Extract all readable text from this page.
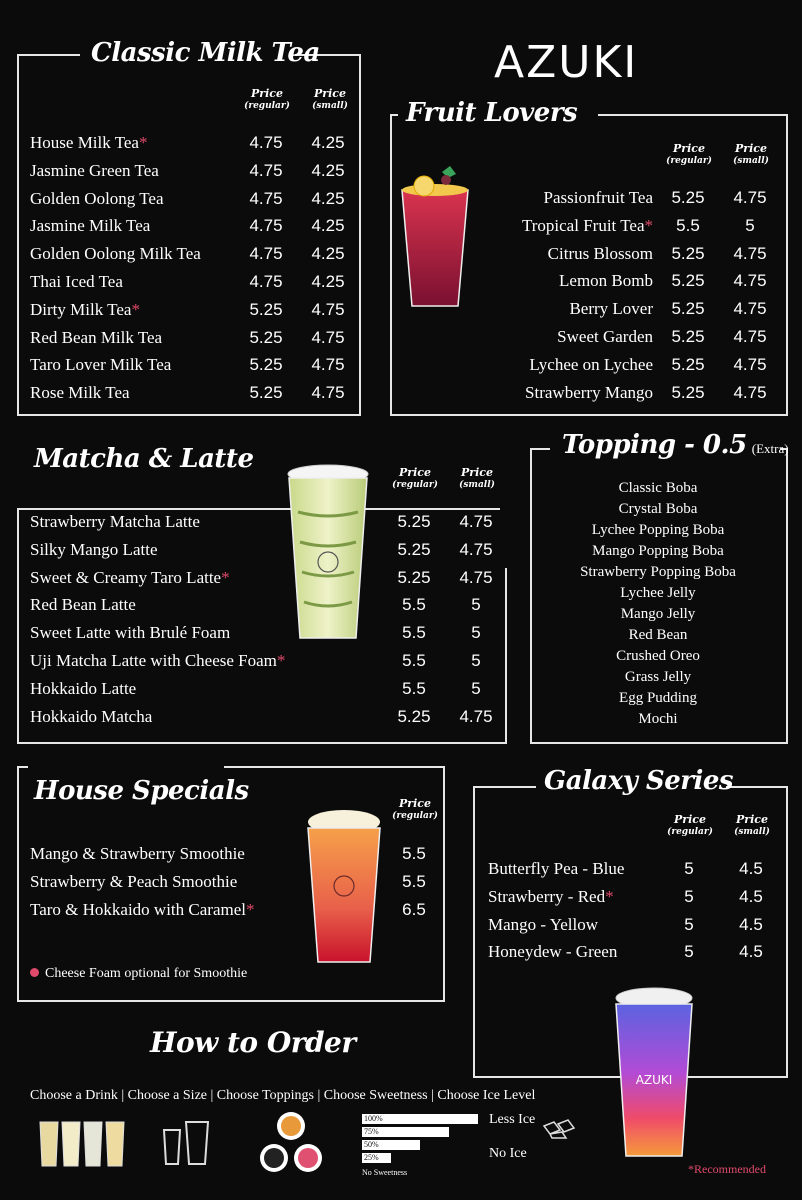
AZUKI
Classic Milk Tea
Price
(regular)
Price
(small)
House Milk Tea*	4.75	4.25
Jasmine Green Tea	4.75	4.25
Golden Oolong Tea	4.75	4.25
Jasmine Milk Tea	4.75	4.25
Golden Oolong Milk Tea	4.75	4.25
Thai Iced Tea	4.75	4.25
Dirty Milk Tea*	5.25	4.75
Red Bean Milk Tea	5.25	4.75
Taro Lover Milk Tea	5.25	4.75
Rose Milk Tea	5.25	4.75
Fruit Lovers
Price
(regular)
Price
(small)
Passionfruit Tea	5.25	4.75
Tropical Fruit Tea*	5.5	5
Citrus Blossom	5.25	4.75
Lemon Bomb	5.25	4.75
Berry Lover	5.25	4.75
Sweet Garden	5.25	4.75
Lychee on Lychee	5.25	4.75
Strawberry Mango	5.25	4.75
Matcha & Latte	Price
(regular)
Price
(small)
Strawberry Matcha Latte	5.25	4.75
Silky Mango Latte	5.25	4.75
Sweet & Creamy Taro Latte*	5.25	4.75
Red Bean Latte	5.5	5
Sweet Latte with Brulé Foam	5.5	5
Uji Matcha Latte with Cheese Foam*	5.5	5
Hokkaido Latte	5.5	5
Hokkaido Matcha	5.25	4.75
Topping - 0.5 (Extra)
Classic Boba
Crystal Boba
Lychee Popping Boba
Mango Popping Boba
Strawberry Popping Boba
Lychee Jelly
Mango Jelly
Red Bean
Crushed Oreo
Grass Jelly
Egg Pudding
Mochi
House Specials	Price
(regular)
Mango & Strawberry Smoothie	5.5
Strawberry & Peach Smoothie	5.5
Taro & Hokkaido with Caramel*	6.5
Cheese Foam optional for Smoothie
Galaxy Series
Price
(regular)
Price
(small)
Butterfly Pea - Blue	5	4.5
Strawberry - Red*	5	4.5
Mango - Yellow	5	4.5
Honeydew - Green	5	4.5
AZUKI
How to Order
Choose a Drink | Choose a Size | Choose Toppings | Choose Sweetness | Choose Ice Level
100%
75%
50%
25%
No Sweetness
Less Ice
No Ice
*Recommended
